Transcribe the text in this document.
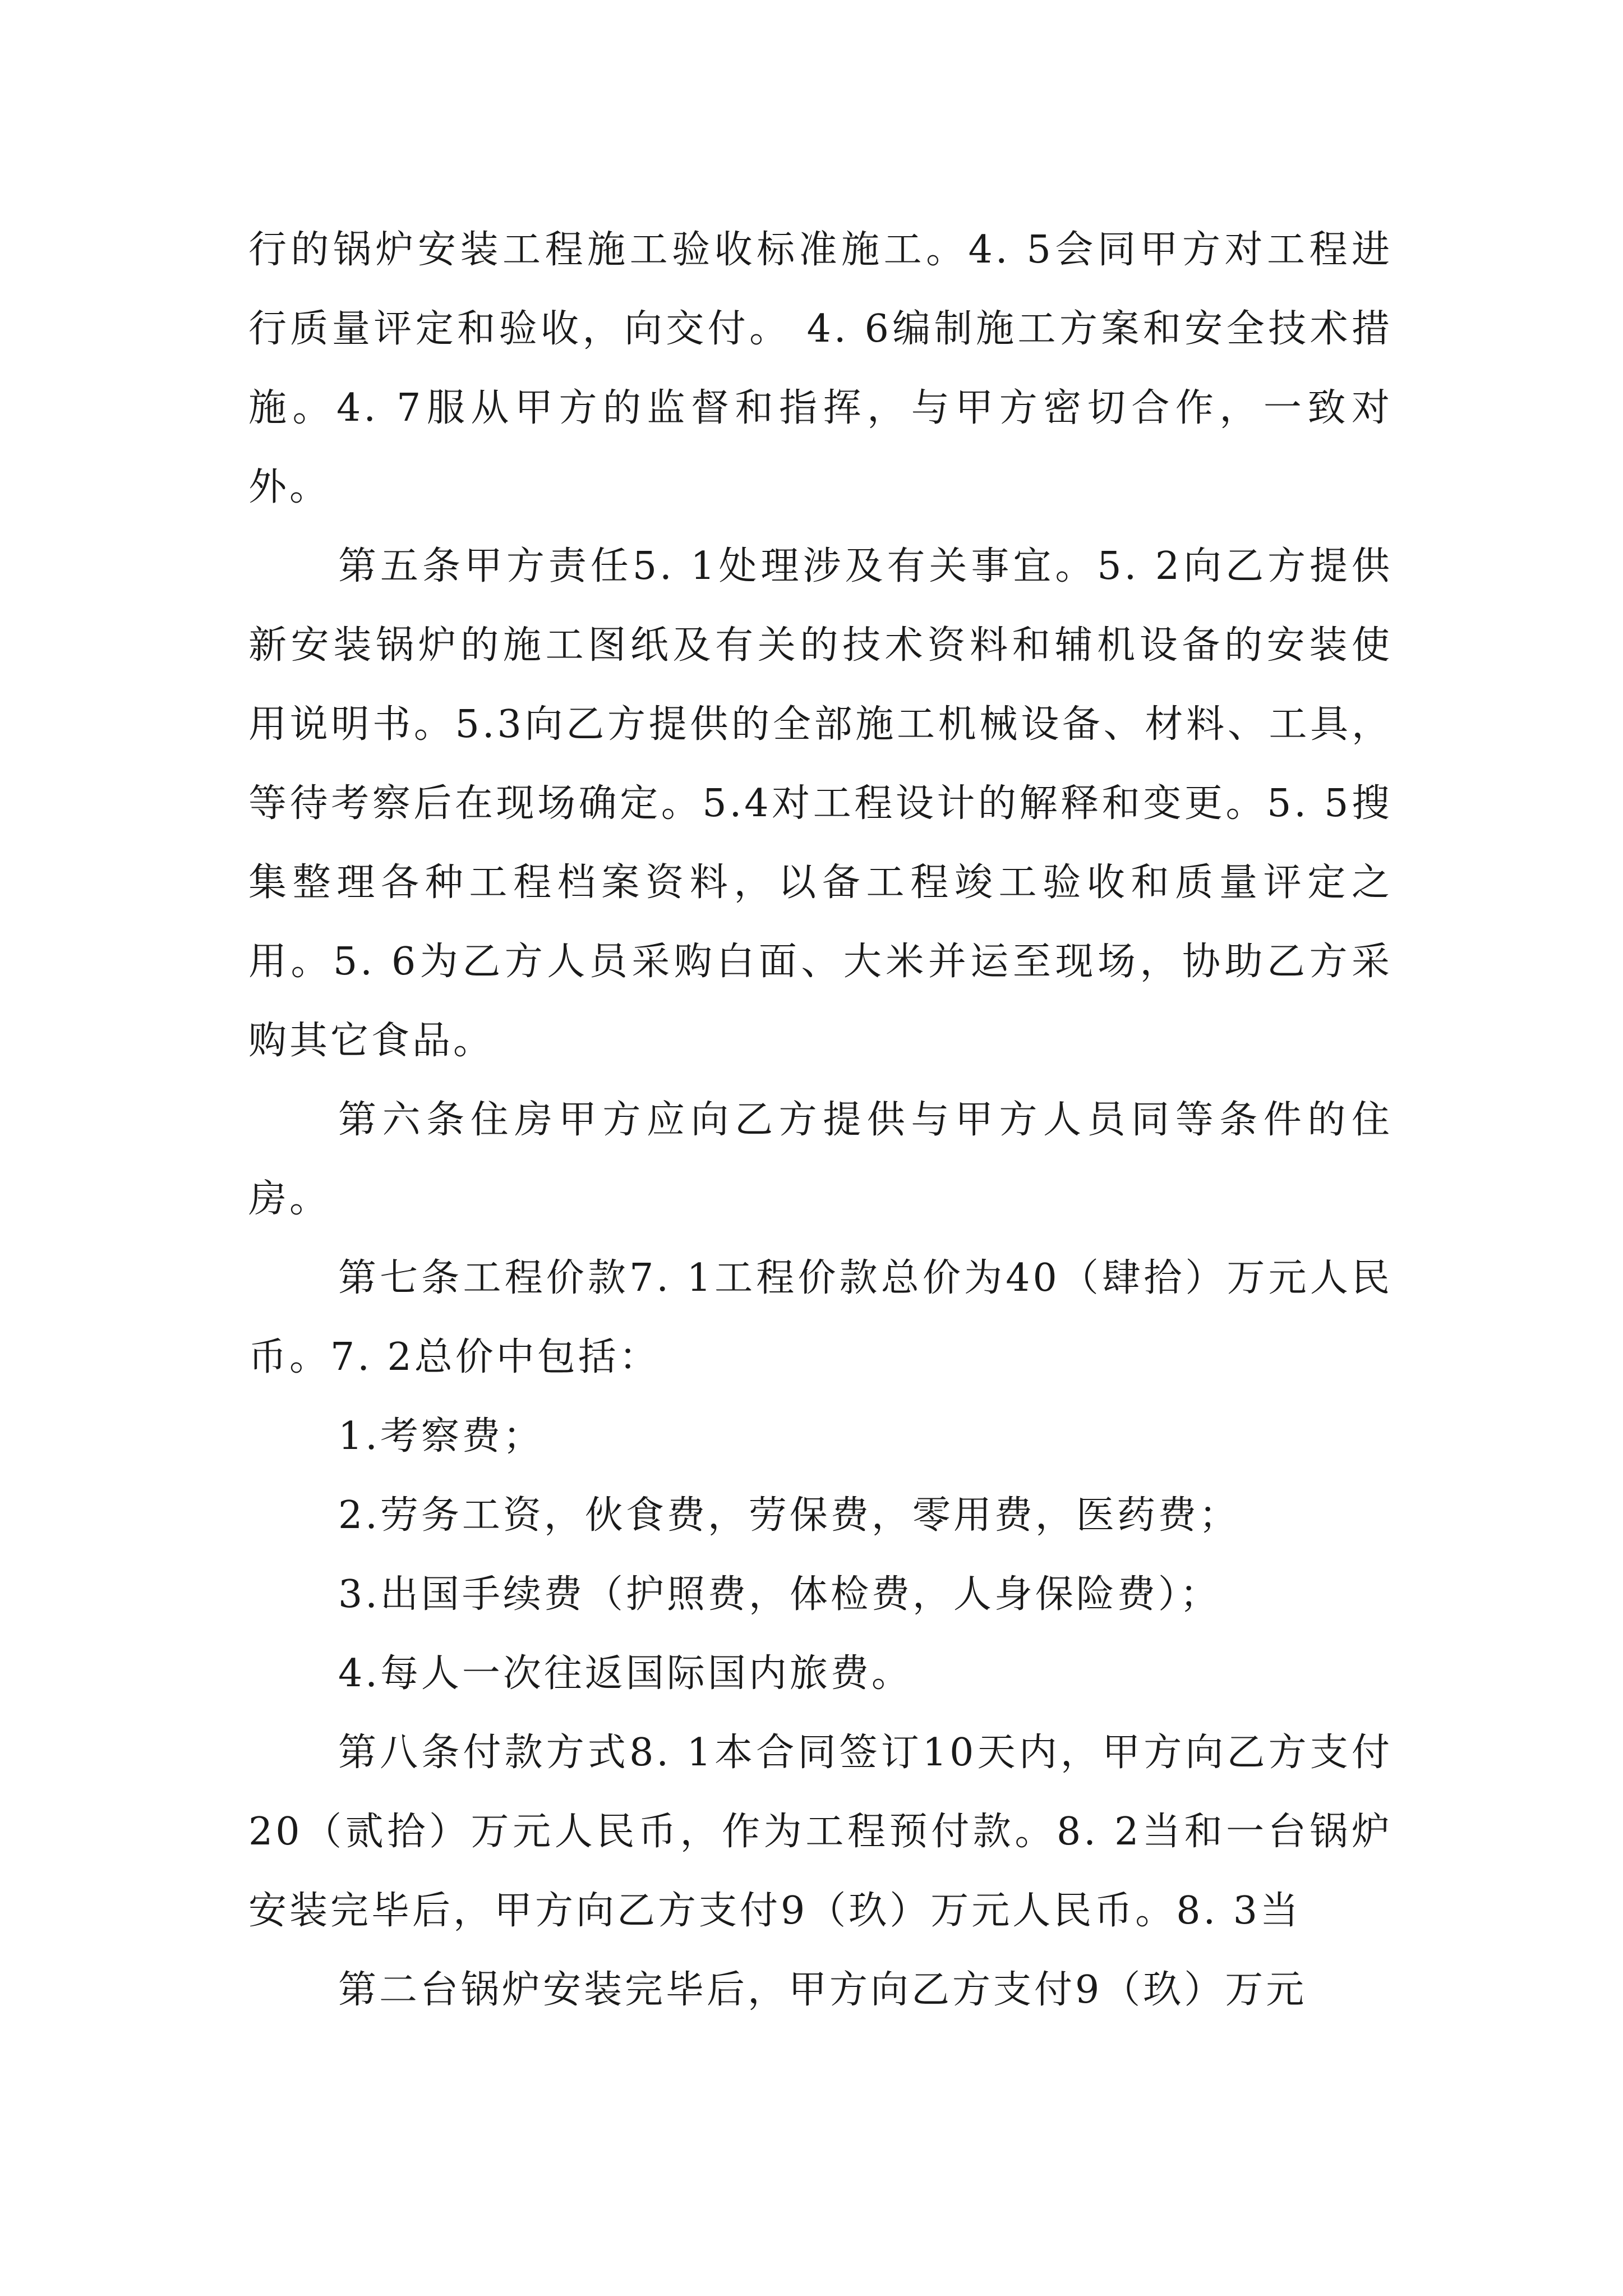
行的锅炉安装工程施工验收标准施工。4. 5会同甲方对工程进行质量评定和验收，向交付。 4. 6编制施工方案和安全技术措施。4. 7服从甲方的监督和指挥，与甲方密切合作，一致对外。

第五条甲方责任5. 1处理涉及有关事宜。5. 2向乙方提供新安装锅炉的施工图纸及有关的技术资料和辅机设备的安装使用说明书。5.3向乙方提供的全部施工机械设备、材料、工具，等待考察后在现场确定。5.4对工程设计的解释和变更。5. 5搜集整理各种工程档案资料，以备工程竣工验收和质量评定之用。5. 6为乙方人员采购白面、大米并运至现场，协助乙方采购其它食品。

第六条住房甲方应向乙方提供与甲方人员同等条件的住房。

第七条工程价款7. 1工程价款总价为40（肆拾）万元人民币。7. 2总价中包括：

1.考察费；

2.劳务工资，伙食费，劳保费，零用费，医药费；

3.出国手续费（护照费，体检费，人身保险费）；

4.每人一次往返国际国内旅费。

第八条付款方式8. 1本合同签订10天内，甲方向乙方支付20（贰拾）万元人民币，作为工程预付款。8. 2当和一台锅炉安装完毕后，甲方向乙方支付9（玖）万元人民币。8. 3当

第二台锅炉安装完毕后，甲方向乙方支付9（玖）万元
